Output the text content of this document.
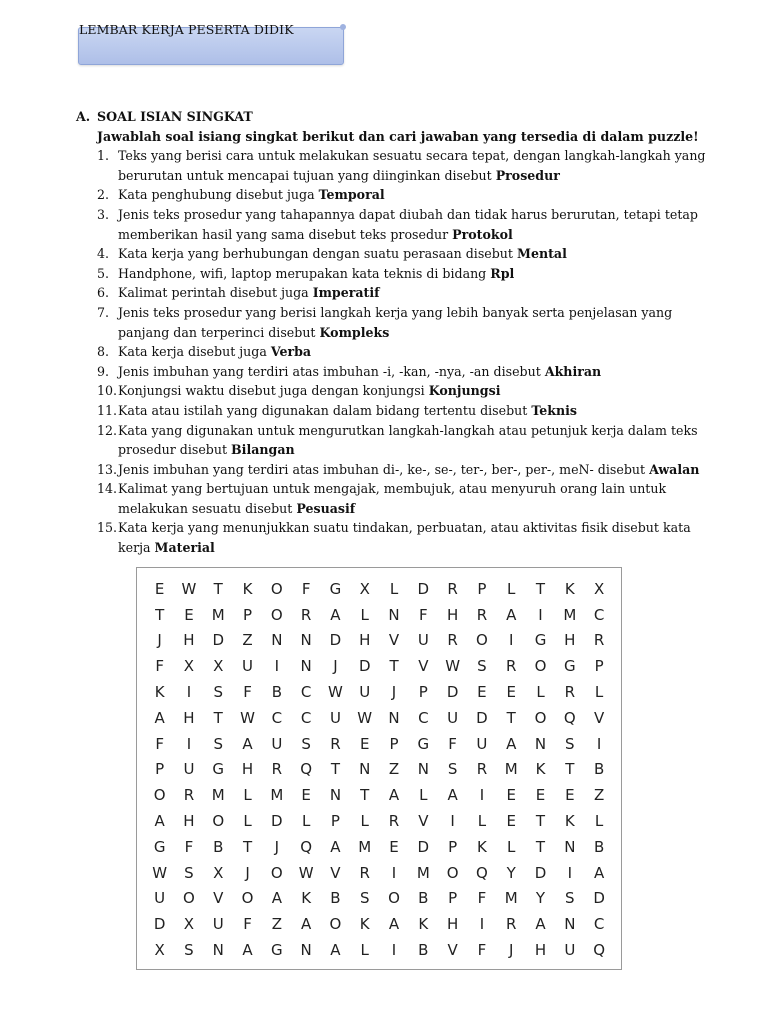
LEMBAR KERJA PESERTA DIDIK
A. SOAL ISIAN SINGKAT
Jawablah soal isiang singkat berikut dan cari jawaban yang tersedia di dalam puzzle!
1. Teks yang berisi cara untuk melakukan sesuatu secara tepat, dengan langkah-langkah yang berurutan untuk mencapai tujuan yang diinginkan disebut Prosedur
2. Kata penghubung disebut juga Temporal
3. Jenis teks prosedur yang tahapannya dapat diubah dan tidak harus berurutan, tetapi tetap memberikan hasil yang sama disebut teks prosedur Protokol
4. Kata kerja yang berhubungan dengan suatu perasaan disebut Mental
5. Handphone, wifi, laptop merupakan kata teknis di bidang Rpl
6. Kalimat perintah disebut juga Imperatif
7. Jenis teks prosedur yang berisi langkah kerja yang lebih banyak serta penjelasan yang panjang dan terperinci disebut Kompleks
8. Kata kerja disebut juga Verba
9. Jenis imbuhan yang terdiri atas imbuhan -i, -kan, -nya, -an disebut Akhiran
10. Konjungsi waktu disebut juga dengan konjungsi Konjungsi
11. Kata atau istilah yang digunakan dalam bidang tertentu disebut Teknis
12. Kata yang digunakan untuk mengurutkan langkah-langkah atau petunjuk kerja dalam teks prosedur disebut Bilangan
13. Jenis imbuhan yang terdiri atas imbuhan di-, ke-, se-, ter-, ber-, per-, meN- disebut Awalan
14. Kalimat yang bertujuan untuk mengajak, membujuk, atau menyuruh orang lain untuk melakukan sesuatu disebut Pesuasif
15. Kata kerja yang menunjukkan suatu tindakan, perbuatan, atau aktivitas fisik disebut kata kerja Material
E	W	T	K	O	F	G	X	L	D	R	P	L	T	K	X
T	E	M	P	O	R	A	L	N	F	H	R	A	I	M	C
J	H	D	Z	N	N	D	H	V	U	R	O	I	G	H	R
F	X	X	U	I	N	J	D	T	V	W	S	R	O	G	P
K	I	S	F	B	C	W	U	J	P	D	E	E	L	R	L
A	H	T	W	C	C	U	W	N	C	U	D	T	O	Q	V
F	I	S	A	U	S	R	E	P	G	F	U	A	N	S	I
P	U	G	H	R	Q	T	N	Z	N	S	R	M	K	T	B
O	R	M	L	M	E	N	T	A	L	A	I	E	E	E	Z
A	H	O	L	D	L	P	L	R	V	I	L	E	T	K	L
G	F	B	T	J	Q	A	M	E	D	P	K	L	T	N	B
W	S	X	J	O	W	V	R	I	M	O	Q	Y	D	I	A
U	O	V	O	A	K	B	S	O	B	P	F	M	Y	S	D
D	X	U	F	Z	A	O	K	A	K	H	I	R	A	N	C
X	S	N	A	G	N	A	L	I	B	V	F	J	H	U	Q
